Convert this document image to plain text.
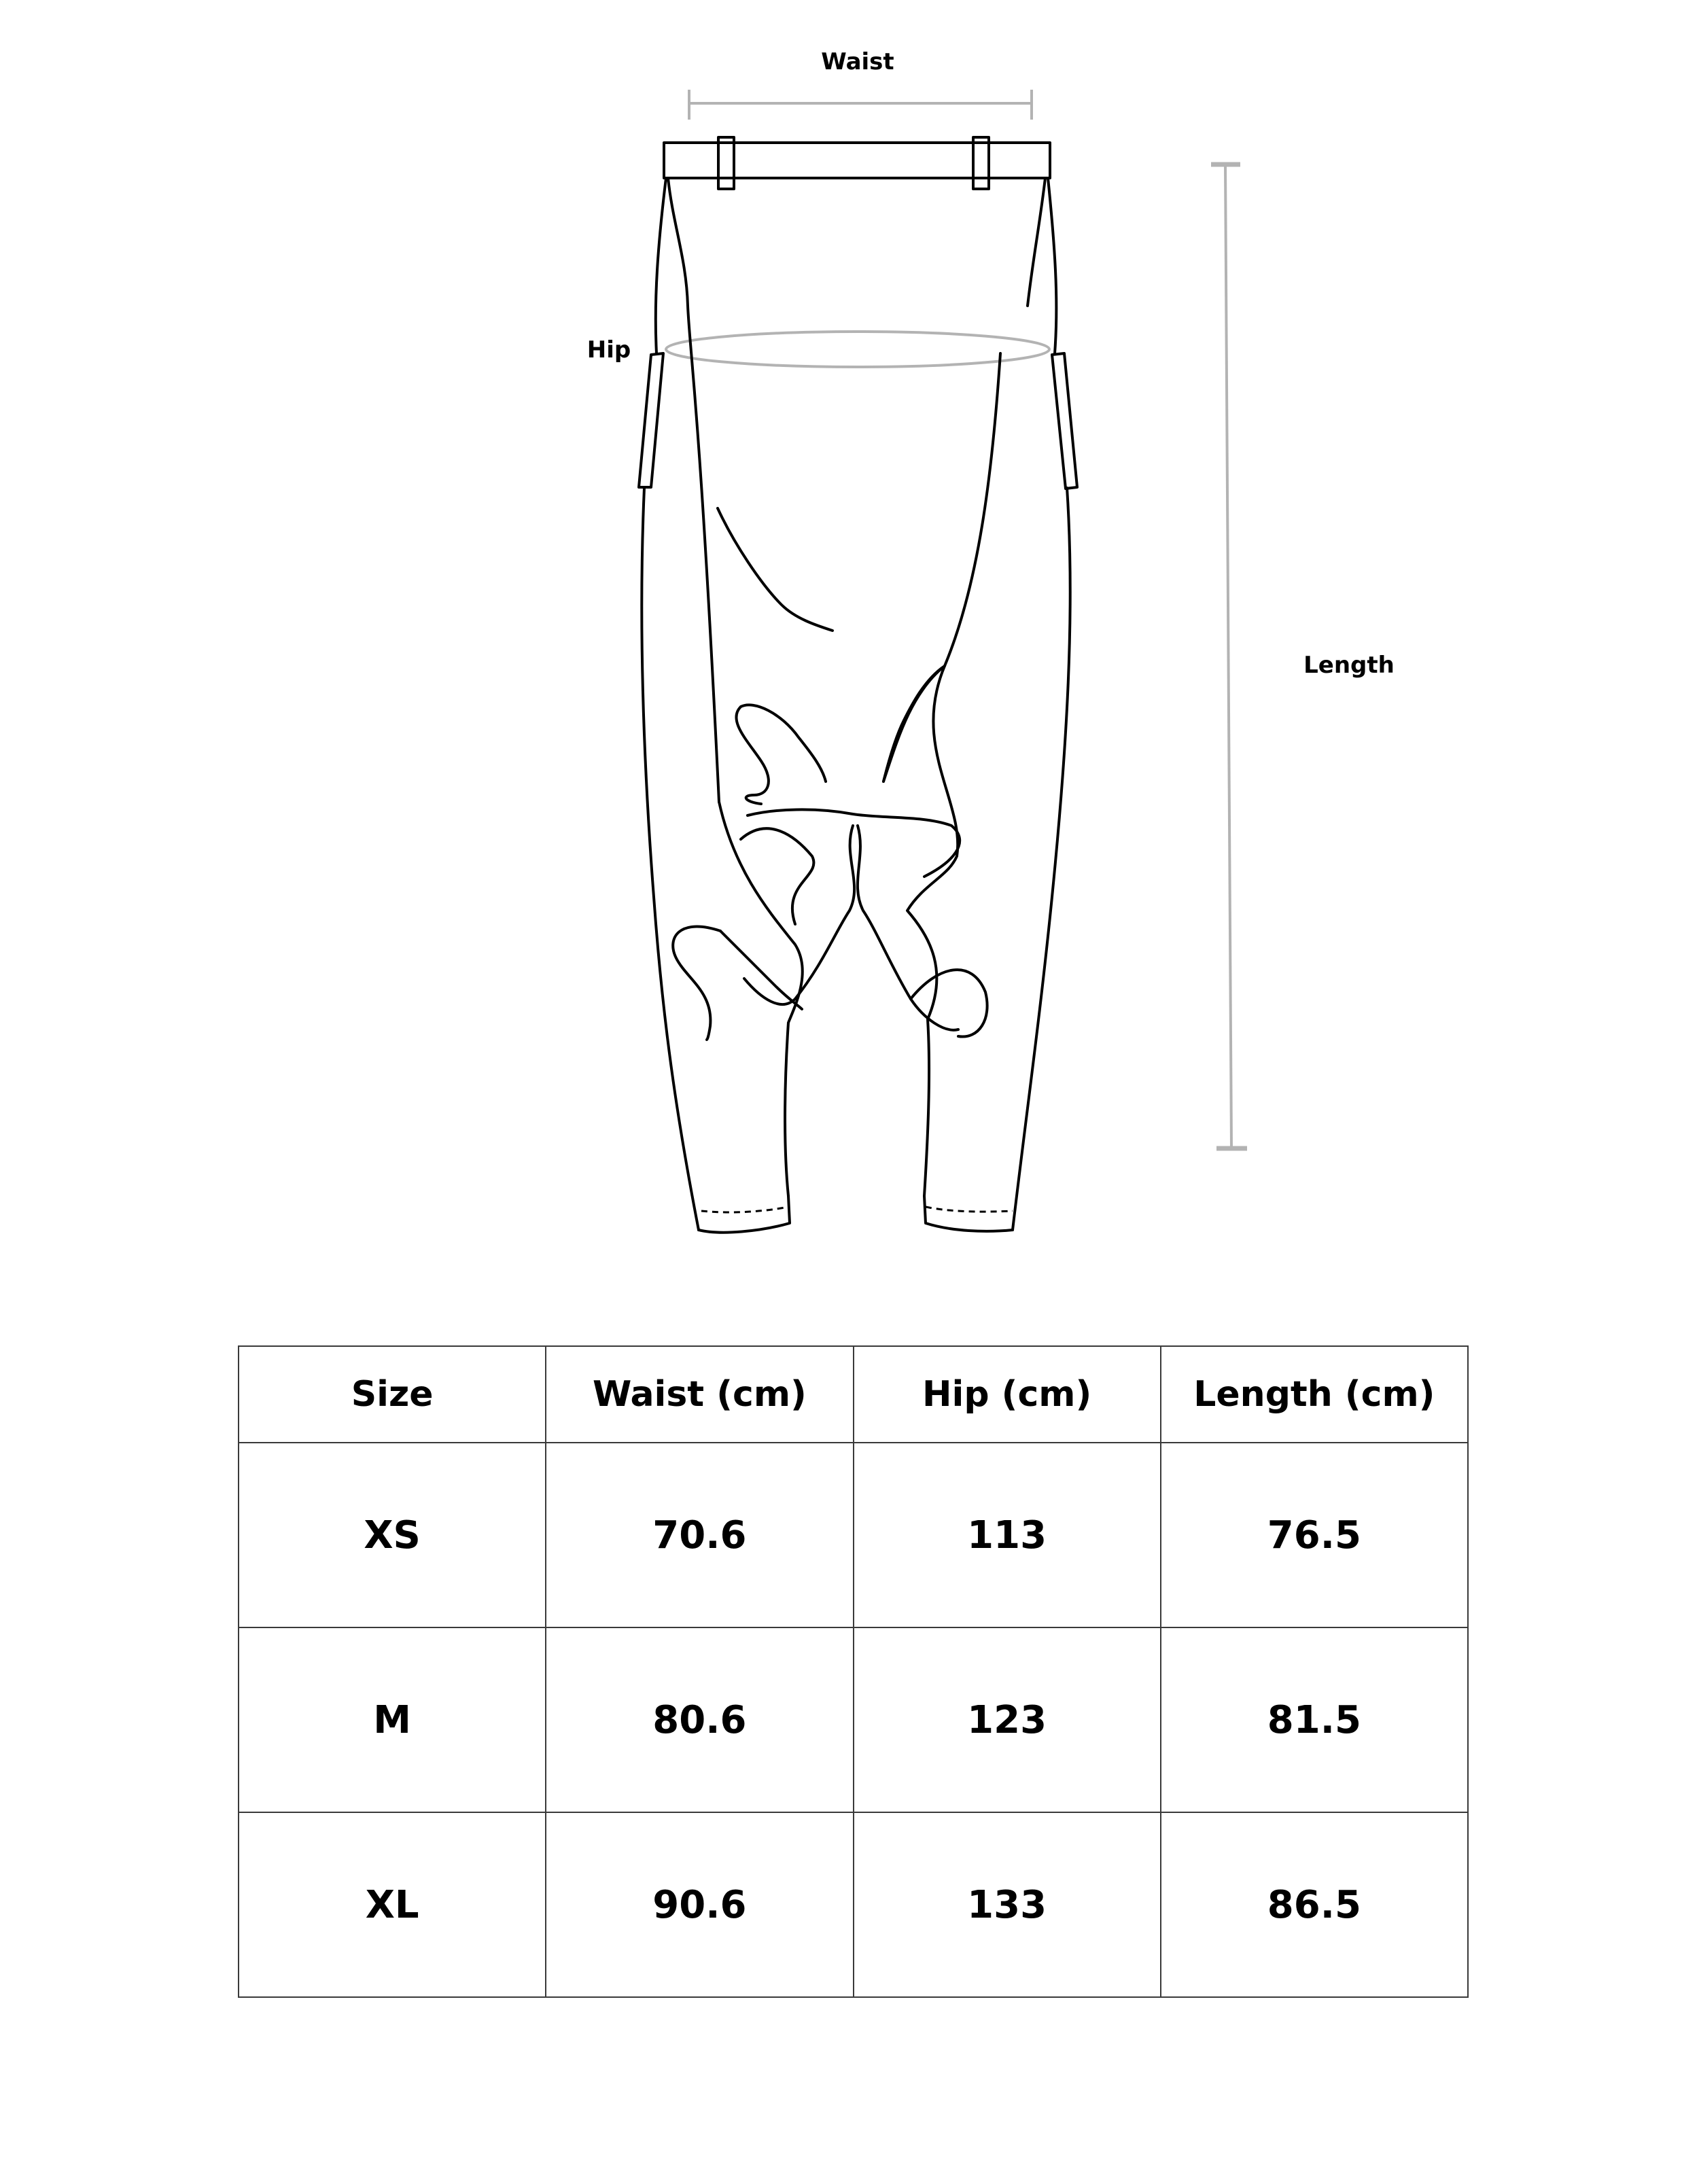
Waist
Hip
Length
Size	Waist (cm)	Hip (cm)	Length (cm)
XS	70.6	113	76.5
M	80.6	123	81.5
XL	90.6	133	86.5
